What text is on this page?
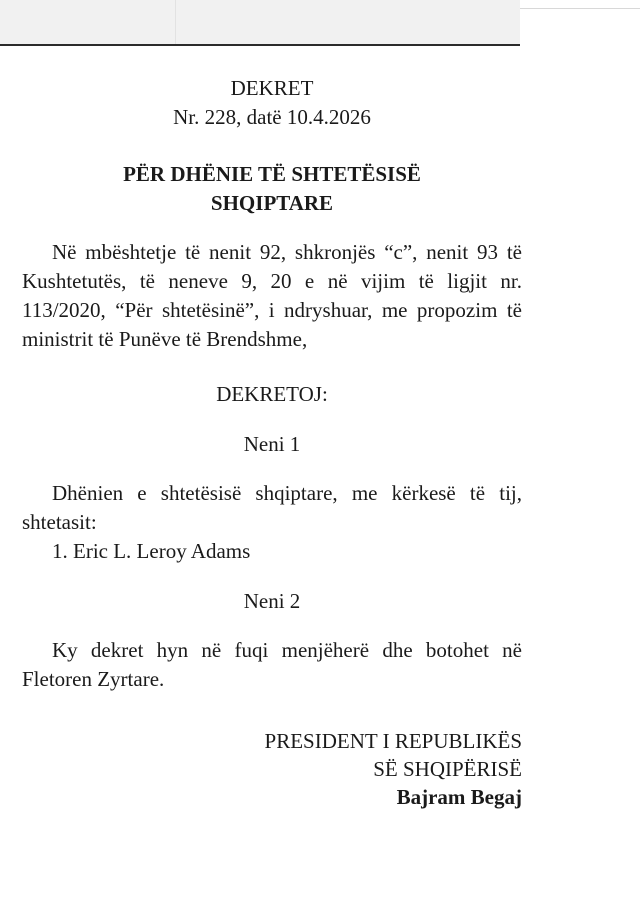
DEKRET
Nr. 228, datë 10.4.2026
PËR DHËNIE TË SHTETËSISË
SHQIPTARE
Në mbështetje të nenit 92, shkronjës “c”, nenit 93 të Kushtetutës, të neneve 9, 20 e në vijim të ligjit nr. 113/2020, “Për shtetësinë”, i ndryshuar, me propozim të ministrit të Punëve të Brendshme,
DEKRETOJ:
Neni 1
Dhënien e shtetësisë shqiptare, me kërkesë të tij, shtetasit:
1. Eric L. Leroy Adams
Neni 2
Ky dekret hyn në fuqi menjëherë dhe botohet në Fletoren Zyrtare.
PRESIDENT I REPUBLIKËS
SË SHQIPËRISË
Bajram Begaj
